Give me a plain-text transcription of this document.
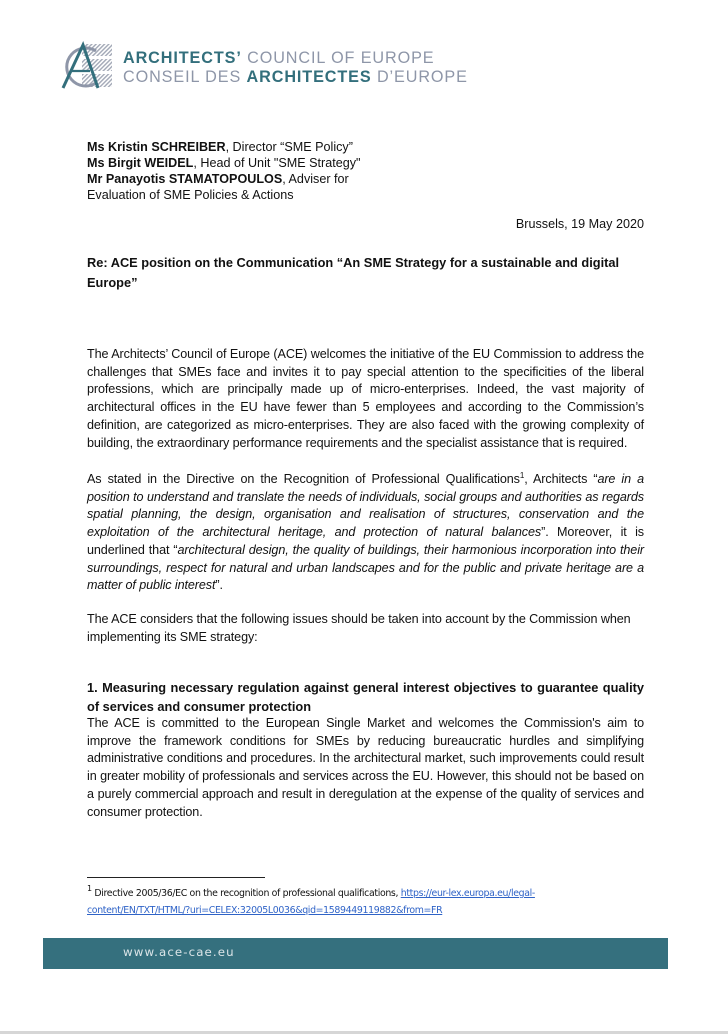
ARCHITECTS’ COUNCIL OF EUROPE
CONSEIL DES ARCHITECTES D’EUROPE
Ms Kristin SCHREIBER, Director “SME Policy”
Ms Birgit WEIDEL, Head of Unit "SME Strategy"
Mr Panayotis STAMATOPOULOS, Adviser for
Evaluation of SME Policies & Actions
Brussels, 19 May 2020
Re: ACE position on the Communication “An SME Strategy for a sustainable and digital Europe”
The Architects’ Council of Europe (ACE) welcomes the initiative of the EU Commission to address the challenges that SMEs face and invites it to pay special attention to the specificities of the liberal professions, which are principally made up of micro-enterprises. Indeed, the vast majority of architectural offices in the EU have fewer than 5 employees and according to the Commission’s definition, are categorized as micro-enterprises. They are also faced with the growing complexity of building, the extraordinary performance requirements and the specialist assistance that is required.
As stated in the Directive on the Recognition of Professional Qualifications$^1$, Architects “are in a position to understand and translate the needs of individuals, social groups and authorities as regards spatial planning, the design, organisation and realisation of structures, conservation and the exploitation of the architectural heritage, and protection of natural balances”. Moreover, it is underlined that “architectural design, the quality of buildings, their harmonious incorporation into their surroundings, respect for natural and urban landscapes and for the public and private heritage are a matter of public interest”.
The ACE considers that the following issues should be taken into account by the Commission when implementing its SME strategy:
1. Measuring necessary regulation against general interest objectives to guarantee quality of services and consumer protection
The ACE is committed to the European Single Market and welcomes the Commission's aim to improve the framework conditions for SMEs by reducing bureaucratic hurdles and simplifying administrative conditions and procedures. In the architectural market, such improvements could result in greater mobility of professionals and services across the EU. However, this should not be based on a purely commercial approach and result in deregulation at the expense of the quality of services and consumer protection.
$^1$ Directive 2005/36/EC on the recognition of professional qualifications, https://eur-lex.europa.eu/legal-content/EN/TXT/HTML/?uri=CELEX:32005L0036&qid=1589449119882&from=FR
www.ace-cae.eu
